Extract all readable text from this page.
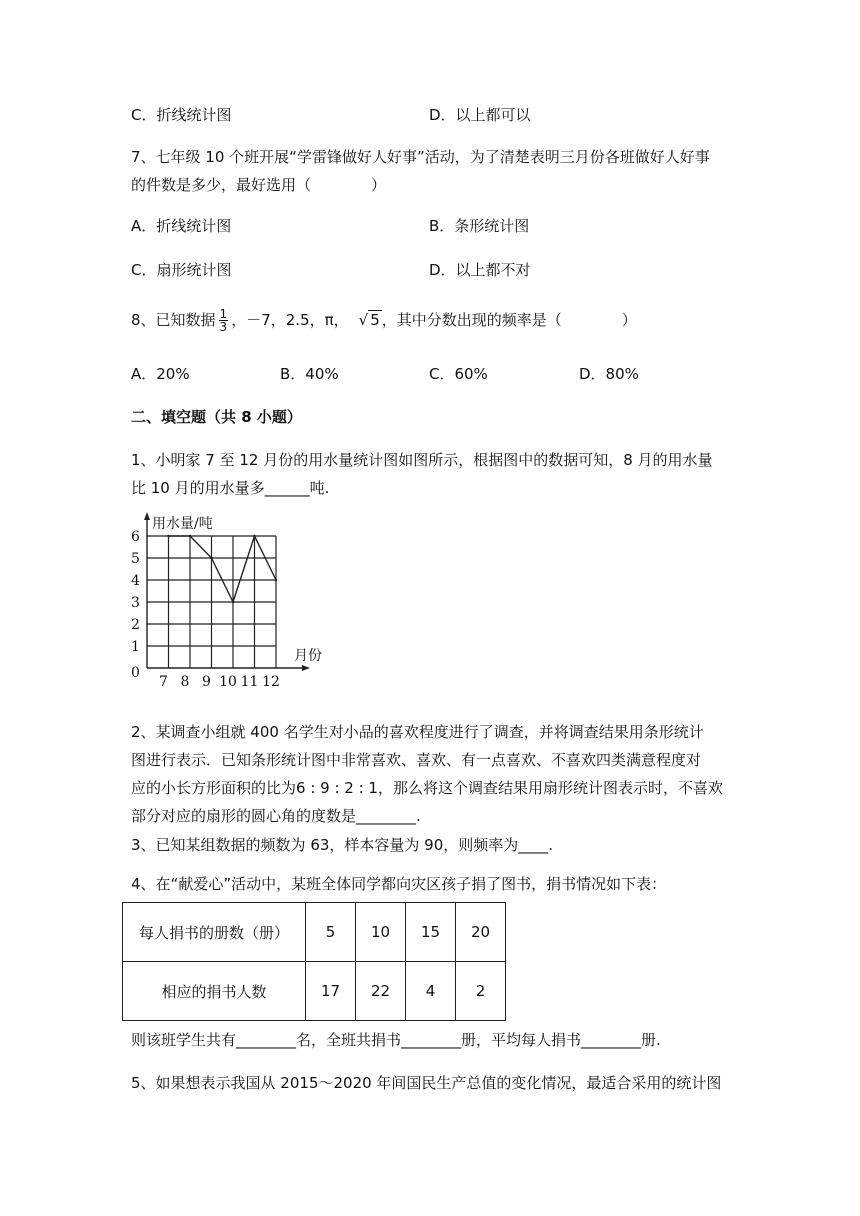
C．折线统计图	D．以上都可以
7、七年级 10 个班开展“学雷锋做好人好事”活动，为了清楚表明三月份各班做好人好事
的件数是多少，最好选用（　　　　）
A．折线统计图	B．条形统计图
C．扇形统计图	D．以上都不对
8、已知数据 $\frac{1}{3}$ ，－7，2.5，π， √ 5 ，其中分数出现的频率是（　　　　）
A．20%	B．40%	C．60%	D．80%
二、填空题（共 8 小题）
1、小明家 7 至 12 月份的用水量统计图如图所示，根据图中的数据可知，8 月的用水量
比 10 月的用水量多______吨.
用水量/吨
月份
0
1
2
3
4
5
6
7 8 9 10 11 12
2、某调查小组就 400 名学生对小品的喜欢程度进行了调查，并将调查结果用条形统计
图进行表示．已知条形统计图中非常喜欢、喜欢、有一点喜欢、不喜欢四类满意程度对
应的小长方形面积的比为6 : 9 : 2 : 1，那么将这个调查结果用扇形统计图表示时，不喜欢
部分对应的扇形的圆心角的度数是________.
3、已知某组数据的频数为 63，样本容量为 90，则频率为____.
4、在“献爱心”活动中，某班全体同学都向灾区孩子捐了图书，捐书情况如下表：
每人捐书的册数（册）	5	10	15	20
相应的捐书人数	17	22	4	2
则该班学生共有________名，全班共捐书________册，平均每人捐书________册.
5、如果想表示我国从 2015～2020 年间国民生产总值的变化情况，最适合采用的统计图
